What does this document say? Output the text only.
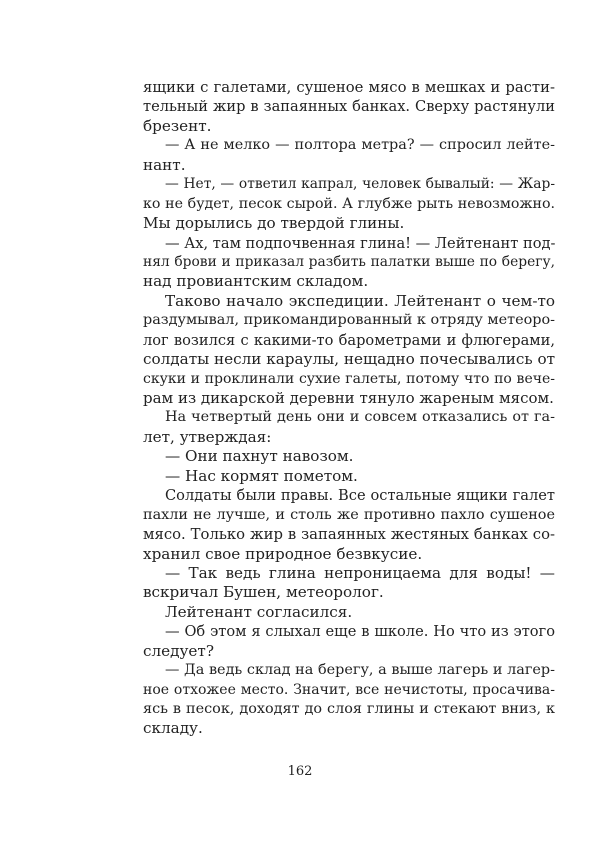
ящики с галетами, сушеное мясо в мешках и расти-
тельный жир в запаянных банках. Сверху растянули
брезент.
— А не мелко — полтора метра? — спросил лейте-
нант.
— Нет, — ответил капрал, человек бывалый: — Жар-
ко не будет, песок сырой. А глубже рыть невозможно.
Мы дорылись до твердой глины.
— Ах, там подпочвенная глина! — Лейтенант под-
нял брови и приказал разбить палатки выше по берегу,
над провиантским складом.
Таково начало экспедиции. Лейтенант о чем-то
раздумывал, прикомандированный к отряду метеоро-
лог возился с какими-то барометрами и флюгерами,
солдаты несли караулы, нещадно почесывались от
скуки и проклинали сухие галеты, потому что по вече-
рам из дикарской деревни тянуло жареным мясом.
На четвертый день они и совсем отказались от га-
лет, утверждая:
— Они пахнут навозом.
— Нас кормят пометом.
Солдаты были правы. Все остальные ящики галет
пахли не лучше, и столь же противно пахло сушеное
мясо. Только жир в запаянных жестяных банках со-
хранил свое природное безвкусие.
— Так ведь глина непроницаема для воды! —
вскричал Бушен, метеоролог.
Лейтенант согласился.
— Об этом я слыхал еще в школе. Но что из этого
следует?
— Да ведь склад на берегу, а выше лагерь и лагер-
ное отхожее место. Значит, все нечистоты, просачива-
ясь в песок, доходят до слоя глины и стекают вниз, к
складу.
162
